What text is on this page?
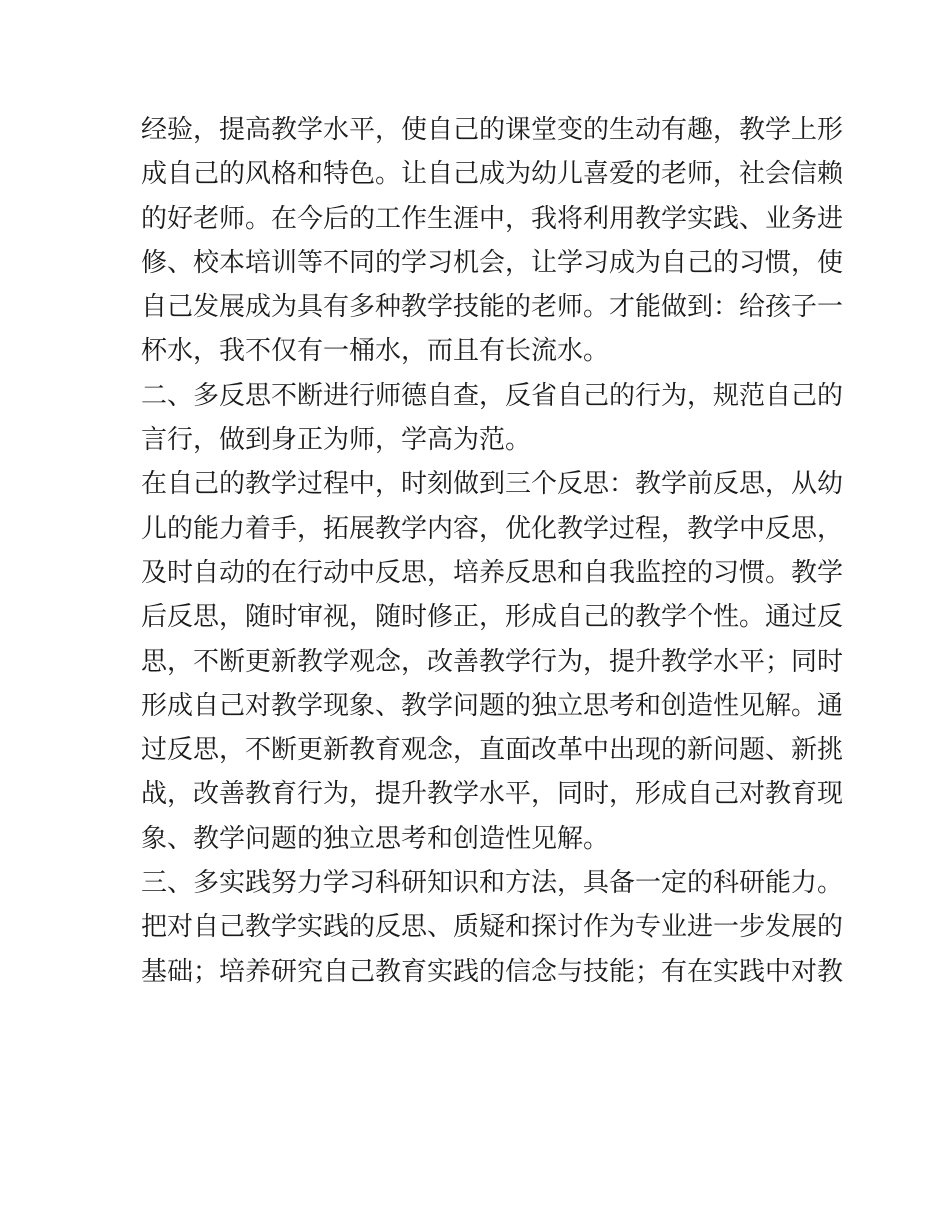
经验，提高教学水平，使自己的课堂变的生动有趣，教学上形
成自己的风格和特色。让自己成为幼儿喜爱的老师，社会信赖
的好老师。在今后的工作生涯中，我将利用教学实践、业务进
修、校本培训等不同的学习机会，让学习成为自己的习惯，使
自己发展成为具有多种教学技能的老师。才能做到：给孩子一
杯水，我不仅有一桶水，而且有长流水。
二、多反思不断进行师德自查，反省自己的行为，规范自己的
言行，做到身正为师，学高为范。
在自己的教学过程中，时刻做到三个反思：教学前反思，从幼
儿的能力着手，拓展教学内容，优化教学过程，教学中反思，
及时自动的在行动中反思，培养反思和自我监控的习惯。教学
后反思，随时审视，随时修正，形成自己的教学个性。通过反
思，不断更新教学观念，改善教学行为，提升教学水平；同时
形成自己对教学现象、教学问题的独立思考和创造性见解。通
过反思，不断更新教育观念，直面改革中出现的新问题、新挑
战，改善教育行为，提升教学水平，同时，形成自己对教育现
象、教学问题的独立思考和创造性见解。
三、多实践努力学习科研知识和方法，具备一定的科研能力。
把对自己教学实践的反思、质疑和探讨作为专业进一步发展的
基础；培养研究自己教育实践的信念与技能；有在实践中对教
